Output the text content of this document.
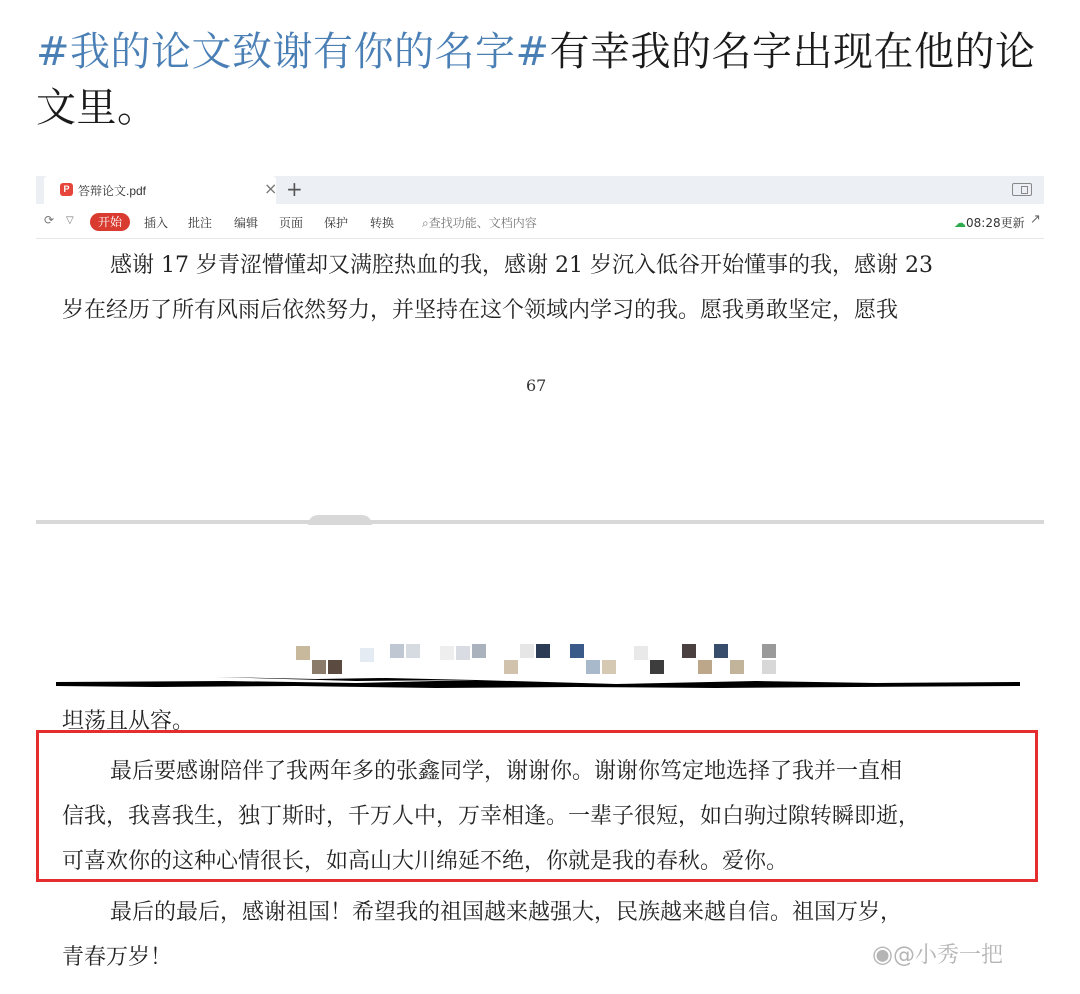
#我的论文致谢有你的名字#有幸我的名字出现在他的论
文里。
P 答辩论文.pdf	× +
⟳ ▽	开始	插入 批注 编辑 页面 保护 转换 ⌕查找功能、文档内容	☁08:28更新 ↗
感谢 17 岁青涩懵懂却又满腔热血的我，感谢 21 岁沉入低谷开始懂事的我，感谢 23
岁在经历了所有风雨后依然努力，并坚持在这个领域内学习的我。愿我勇敢坚定，愿我
67
坦荡且从容。
最后要感谢陪伴了我两年多的张鑫同学，谢谢你。谢谢你笃定地选择了我并一直相
信我，我喜我生，独丁斯时，千万人中，万幸相逢。一辈子很短，如白驹过隙转瞬即逝，
可喜欢你的这种心情很长，如高山大川绵延不绝，你就是我的春秋。爱你。
最后的最后，感谢祖国！希望我的祖国越来越强大，民族越来越自信。祖国万岁，
青春万岁！	◉@小秀一把
